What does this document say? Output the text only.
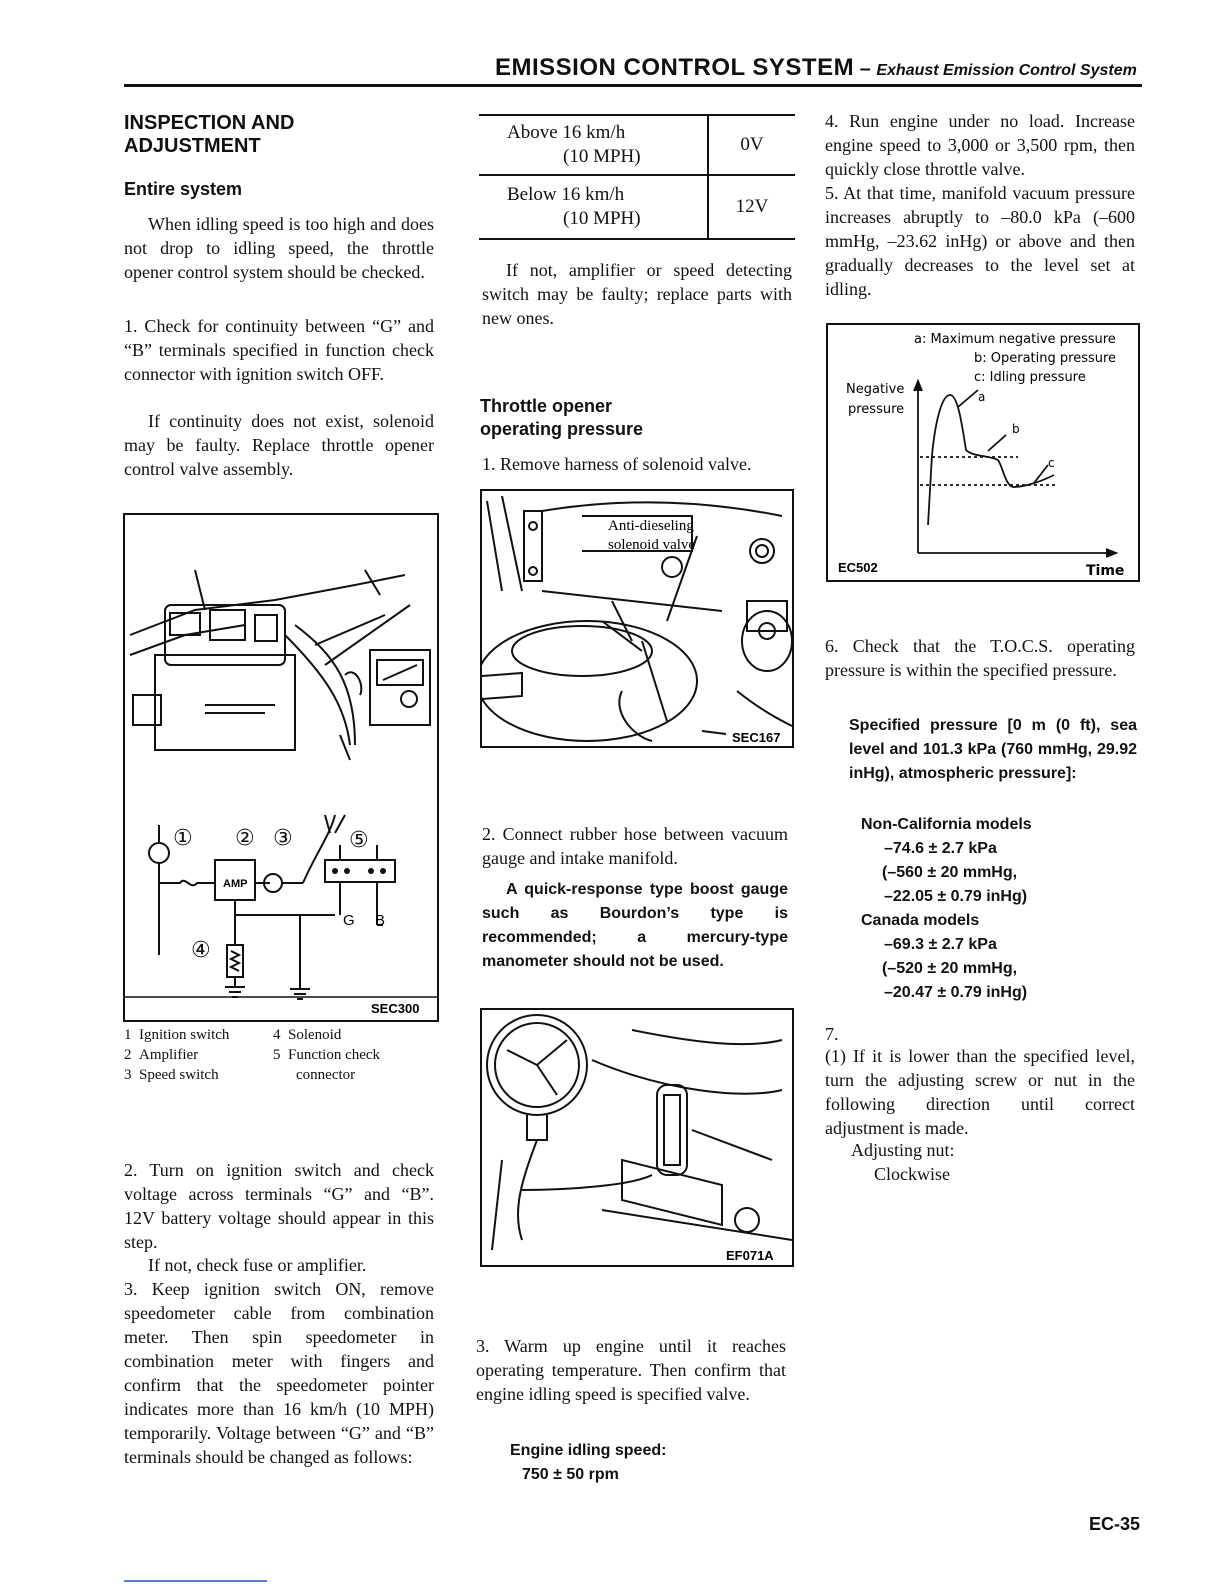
EMISSION CONTROL SYSTEM – Exhaust Emission Control System
INSPECTION AND
ADJUSTMENT
Entire system

When idling speed is too high and does not drop to idling speed, the throttle opener control system should be checked.

1. Check for continuity between “G” and “B” terminals specified in function check connector with ignition switch OFF.

If continuity does not exist, solenoid may be faulty. Replace throttle opener control valve assembly.

① ② ③
④
⑤
AMP
G B
SEC300
1 Ignition switch
2 Amplifier
3 Speed switch
4 Solenoid
5 Function check
connector

2. Turn on ignition switch and check voltage across terminals “G” and “B”. 12V battery voltage should appear in this step.

If not, check fuse or amplifier.

3. Keep ignition switch ON, remove speedometer cable from combination meter. Then spin speedometer in combination meter with fingers and confirm that the speedometer pointer indicates more than 16 km/h (10 MPH) temporarily. Voltage between “G” and “B” terminals should be changed as follows:

Above 16 km/h
(10 MPH)	0V

Below 16 km/h
(10 MPH)	12V

If not, amplifier or speed detecting switch may be faulty; replace parts with new ones.

Throttle opener
operating pressure

1. Remove harness of solenoid valve.

Anti-dieseling
solenoid valve
SEC167

2. Connect rubber hose between vacuum gauge and intake manifold.

A quick-response type boost gauge such as Bourdon’s type is recommended; a mercury-type manometer should not be used.

EF071A

3. Warm up engine until it reaches operating temperature. Then confirm that engine idling speed is specified valve.

Engine idling speed:
750 ± 50 rpm

4. Run engine under no load. Increase engine speed to 3,000 or 3,500 rpm, then quickly close throttle valve.

5. At that time, manifold vacuum pressure increases abruptly to –80.0 kPa (–600 mmHg, –23.62 inHg) or above and then gradually decreases to the level set at idling.

a: Maximum negative pressure
b: Operating pressure
c: Idling pressure
Negative
pressure
a
b
c
EC502	Time

6. Check that the T.O.C.S. operating pressure is within the specified pressure.

Specified pressure [0 m (0 ft), sea level and 101.3 kPa (760 mmHg, 29.92 inHg), atmospheric pressure]:

Non-California models
–74.6 ± 2.7 kPa
(–560 ± 20 mmHg,
–22.05 ± 0.79 inHg)
Canada models
–69.3 ± 2.7 kPa
(–520 ± 20 mmHg,
–20.47 ± 0.79 inHg)
7.

(1) If it is lower than the specified level, turn the adjusting screw or nut in the following direction until correct adjustment is made.

Adjusting nut:
Clockwise
EC-35
